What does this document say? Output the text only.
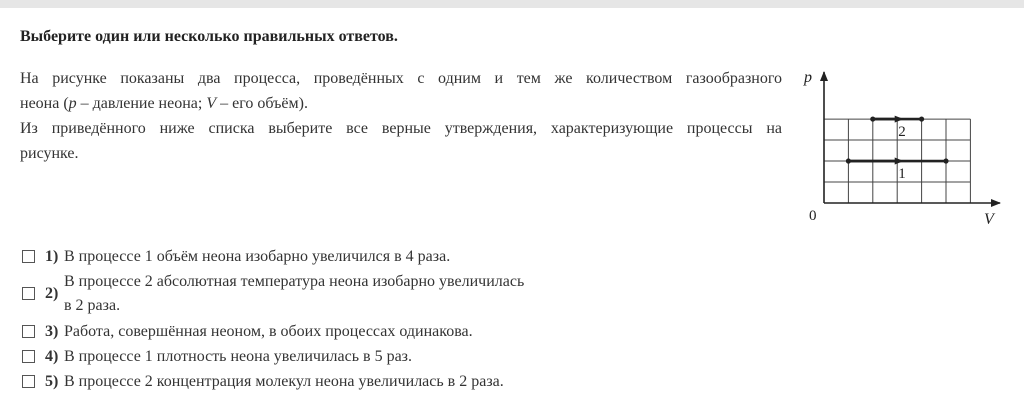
Выберите один или несколько правильных ответов.
На рисунке показаны два процесса, проведённых с одним и тем же количеством газообразного
неона (p – давление неона; V – его объём).
Из приведённого ниже списка выберите все верные утверждения, характеризующие процессы на
рисунке.
p
V
0
1
2
1) В процессе 1 объём неона изобарно увеличился в 4 раза.
2)
В процессе 2 абсолютная температура неона изобарно увеличилась
в 2 раза.
3) Работа, совершённая неоном, в обоих процессах одинакова.
4) В процессе 1 плотность неона увеличилась в 5 раз.
5) В процессе 2 концентрация молекул неона увеличилась в 2 раза.
